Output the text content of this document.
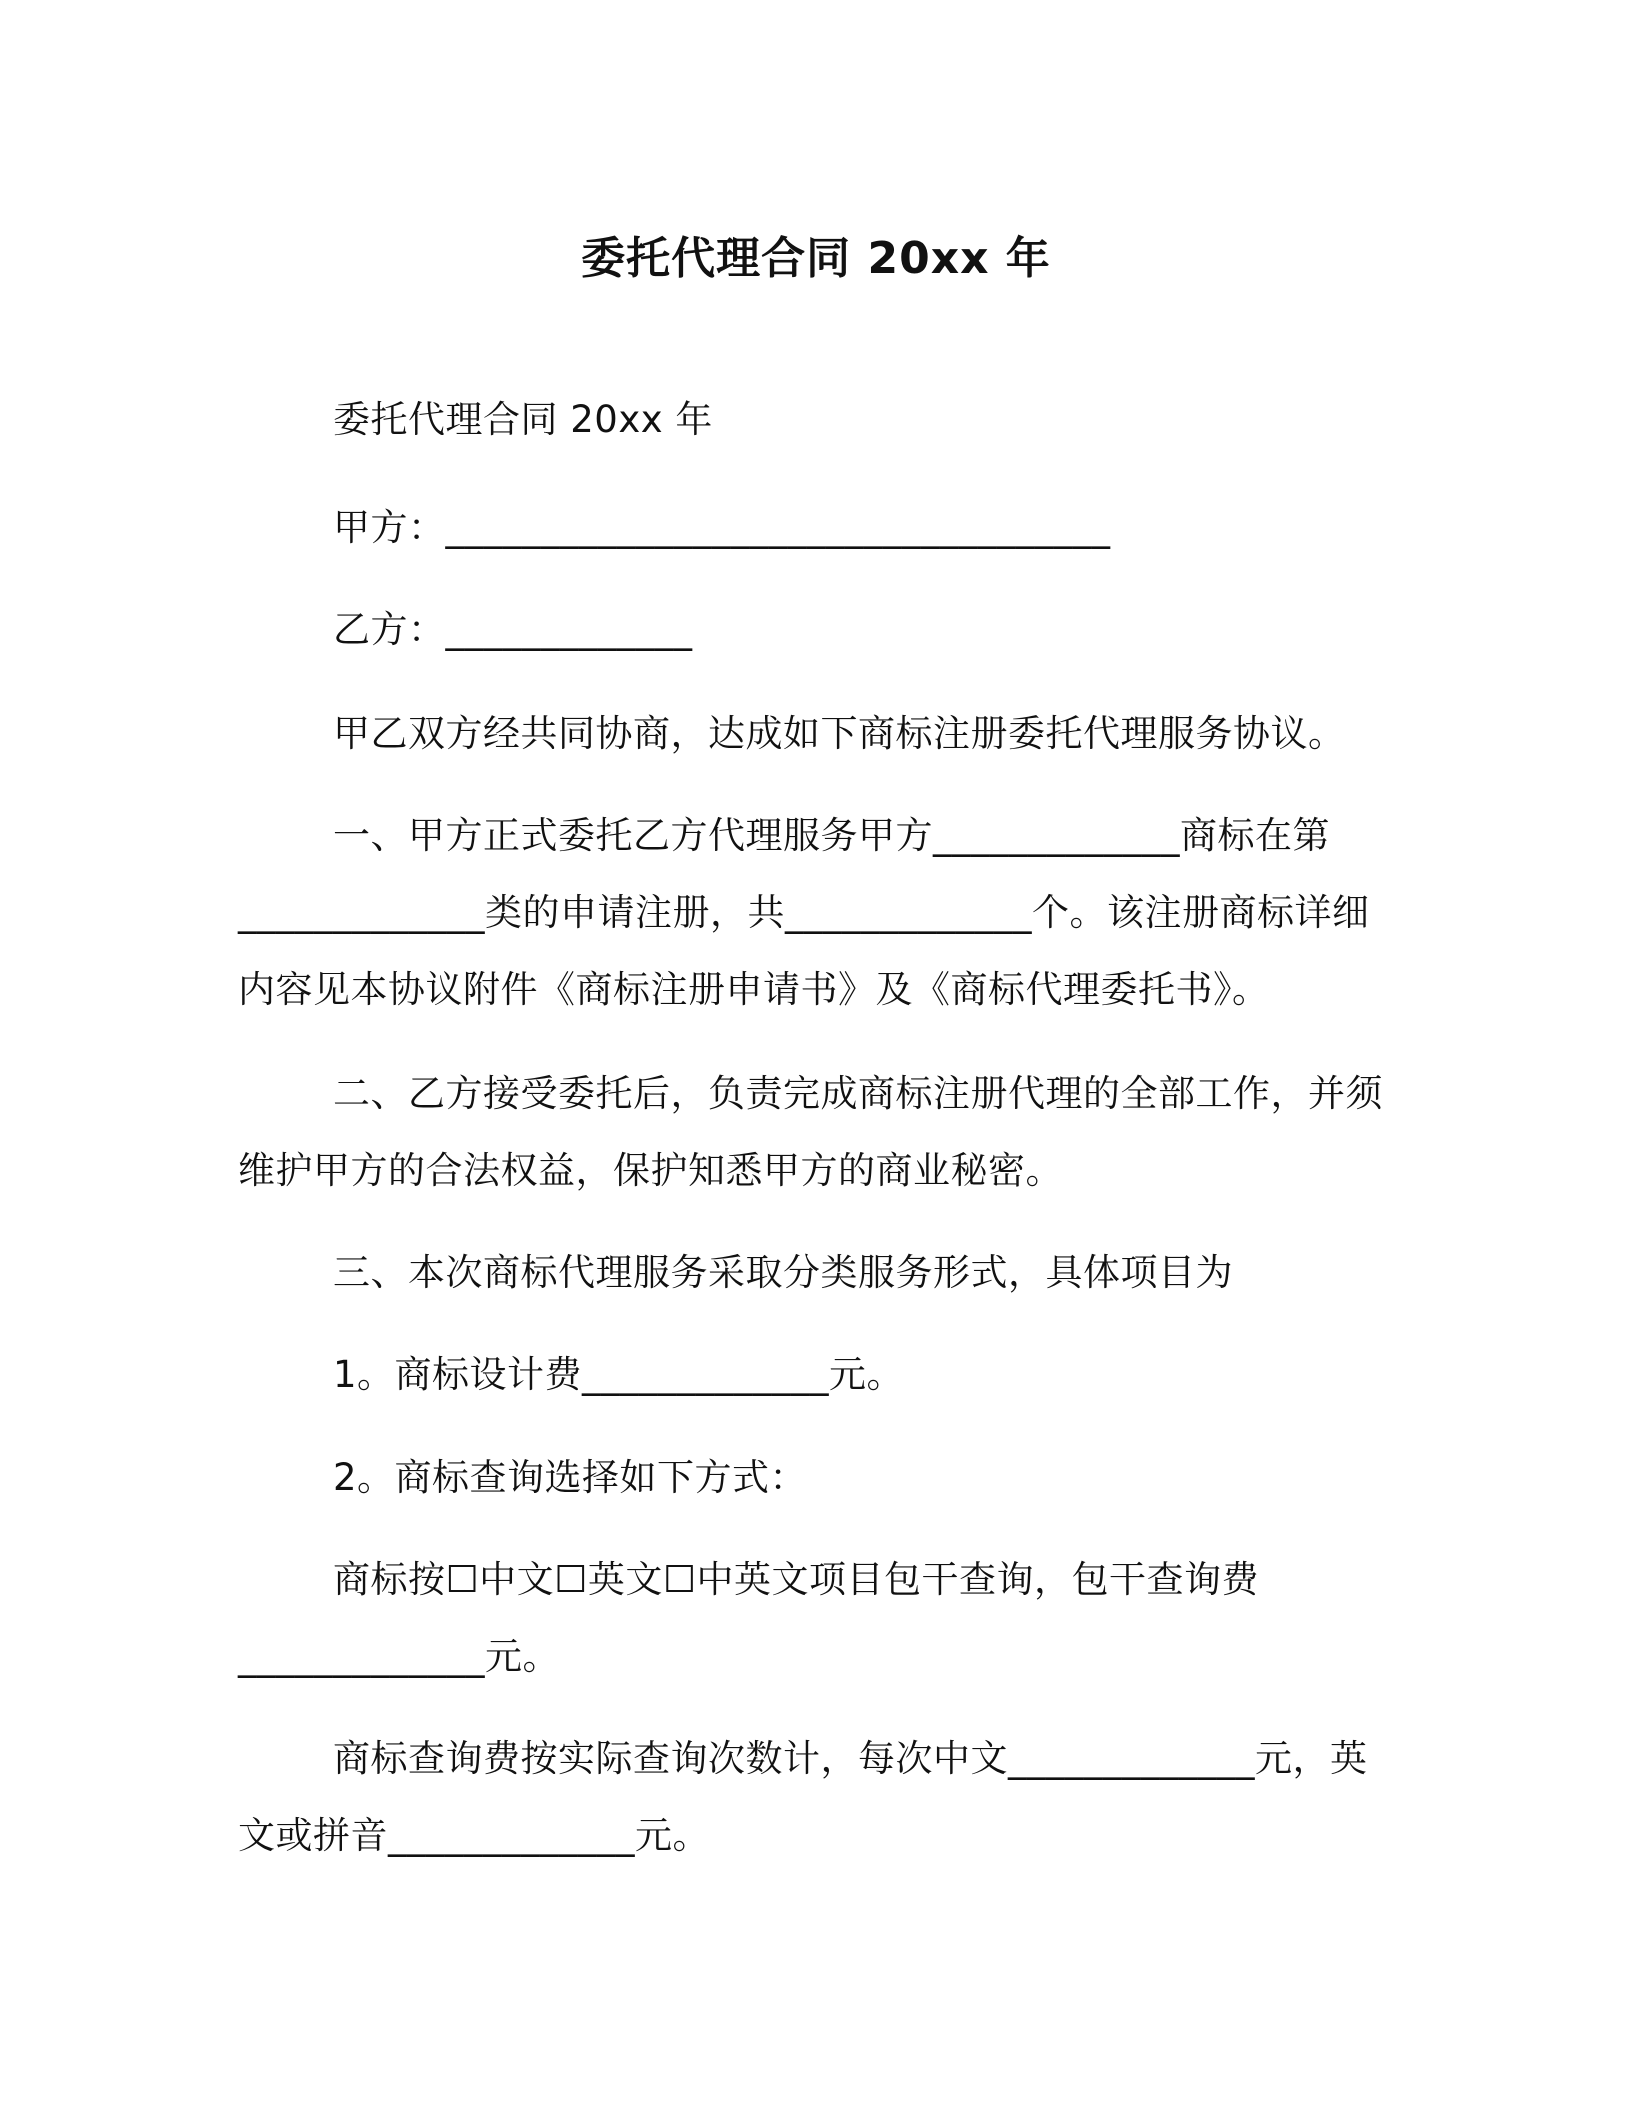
委托代理合同 20xx 年
委托代理合同 20xx 年
甲方：___________________________________
乙方：_____________
甲乙双方经共同协商，达成如下商标注册委托代理服务协议。
一、甲方正式委托乙方代理服务甲方_____________商标在第
_____________类的申请注册，共_____________个。该注册商标详细
内容见本协议附件《商标注册申请书》及《商标代理委托书》。
二、乙方接受委托后，负责完成商标注册代理的全部工作，并须
维护甲方的合法权益，保护知悉甲方的商业秘密。
三、本次商标代理服务采取分类服务形式，具体项目为
1。商标设计费_____________元。
2。商标查询选择如下方式：
商标按☐中文☐英文☐中英文项目包干查询，包干查询费
_____________元。
商标查询费按实际查询次数计，每次中文_____________元，英
文或拼音_____________元。
